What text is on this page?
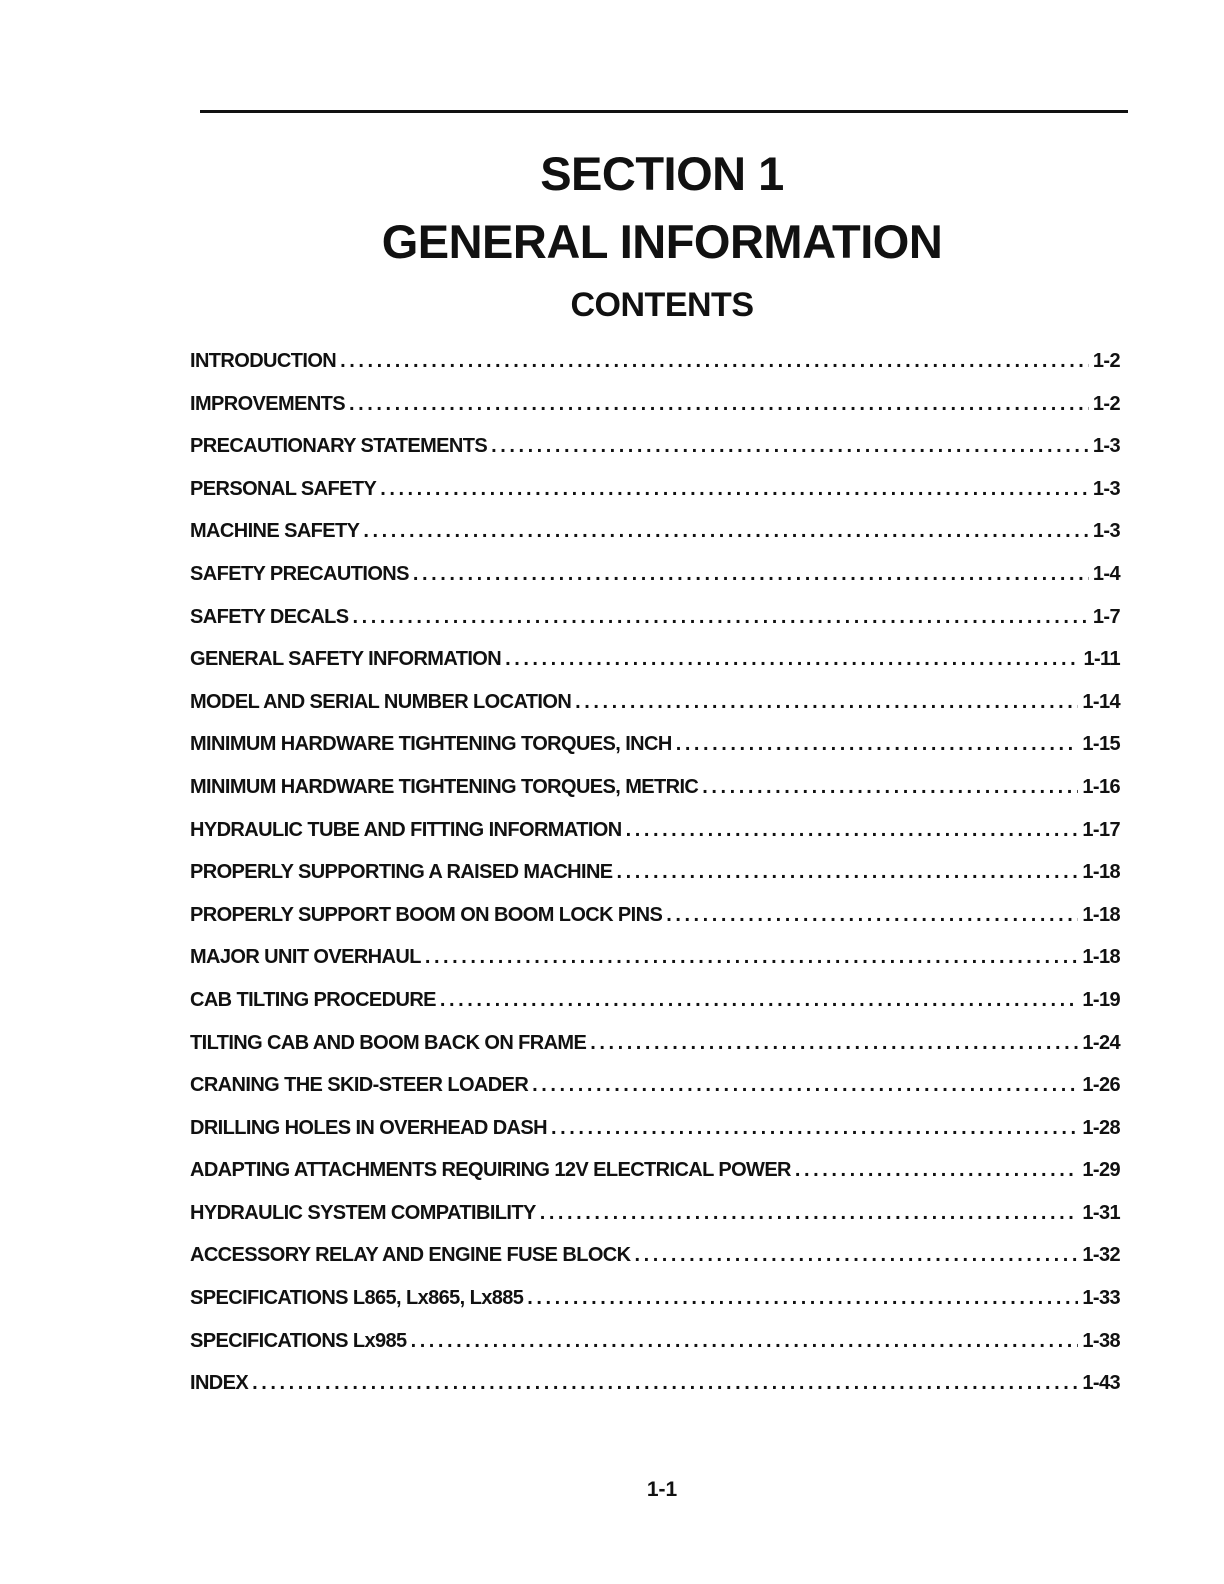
SECTION 1
GENERAL INFORMATION
CONTENTS
INTRODUCTION . . .	1-2
IMPROVEMENTS . . .	1-2
PRECAUTIONARY STATEMENTS . . .	1-3
PERSONAL SAFETY . . .	1-3
MACHINE SAFETY . . .	1-3
SAFETY PRECAUTIONS . . .	1-4
SAFETY DECALS . . .	1-7
GENERAL SAFETY INFORMATION . . .	1-11
MODEL AND SERIAL NUMBER LOCATION . . .	1-14
MINIMUM HARDWARE TIGHTENING TORQUES, INCH . . .	1-15
MINIMUM HARDWARE TIGHTENING TORQUES, METRIC . . .	1-16
HYDRAULIC TUBE AND FITTING INFORMATION . . .	1-17
PROPERLY SUPPORTING A RAISED MACHINE . . .	1-18
PROPERLY SUPPORT BOOM ON BOOM LOCK PINS . . .	1-18
MAJOR UNIT OVERHAUL . . .	1-18
CAB TILTING PROCEDURE . . .	1-19
TILTING CAB AND BOOM BACK ON FRAME . . .	1-24
CRANING THE SKID-STEER LOADER . . .	1-26
DRILLING HOLES IN OVERHEAD DASH . . .	1-28
ADAPTING ATTACHMENTS REQUIRING 12V ELECTRICAL POWER . . .	1-29
HYDRAULIC SYSTEM COMPATIBILITY . . .	1-31
ACCESSORY RELAY AND ENGINE FUSE BLOCK . . .	1-32
SPECIFICATIONS L865, Lx865, Lx885 . . .	1-33
SPECIFICATIONS Lx985 . . .	1-38
INDEX . . .	1-43

1-1
